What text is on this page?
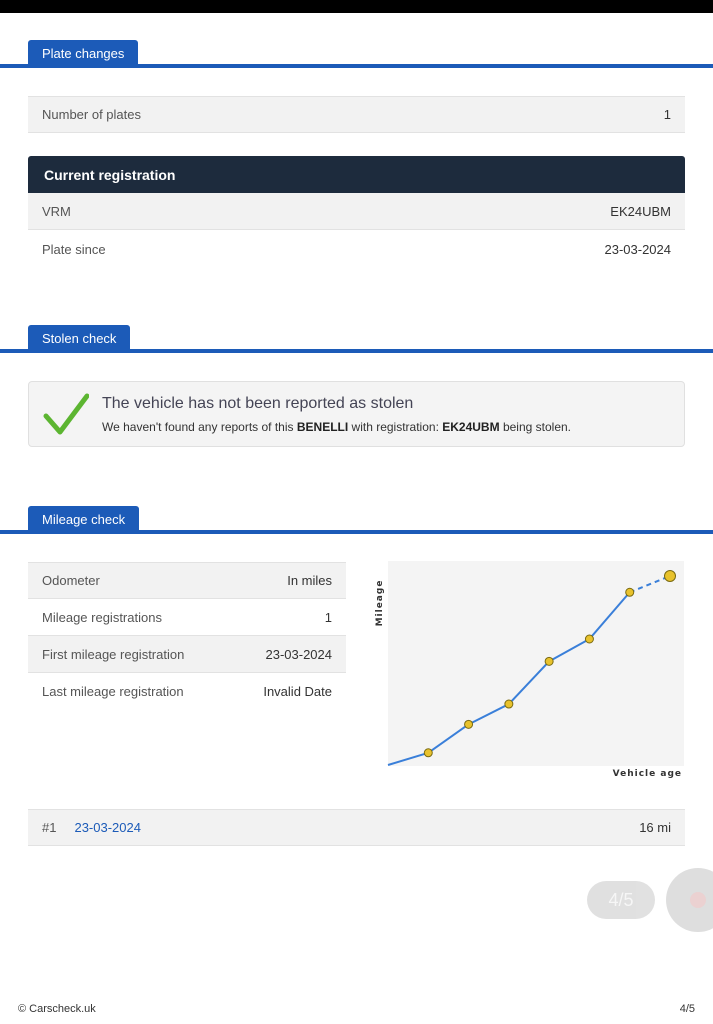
Plate changes
Number of plates	1
Current registration
VRM	EK24UBM
Plate since	23-03-2024
Stolen check
The vehicle has not been reported as stolen
We haven't found any reports of this BENELLI with registration: EK24UBM being stolen.
Mileage check
Odometer	In miles
Mileage registrations	1
First mileage registration	23-03-2024
Last mileage registration	Invalid Date
Mileage
Vehicle age
#1 23-03-2024	16 mi
4/5
© Carscheck.uk	4/5
